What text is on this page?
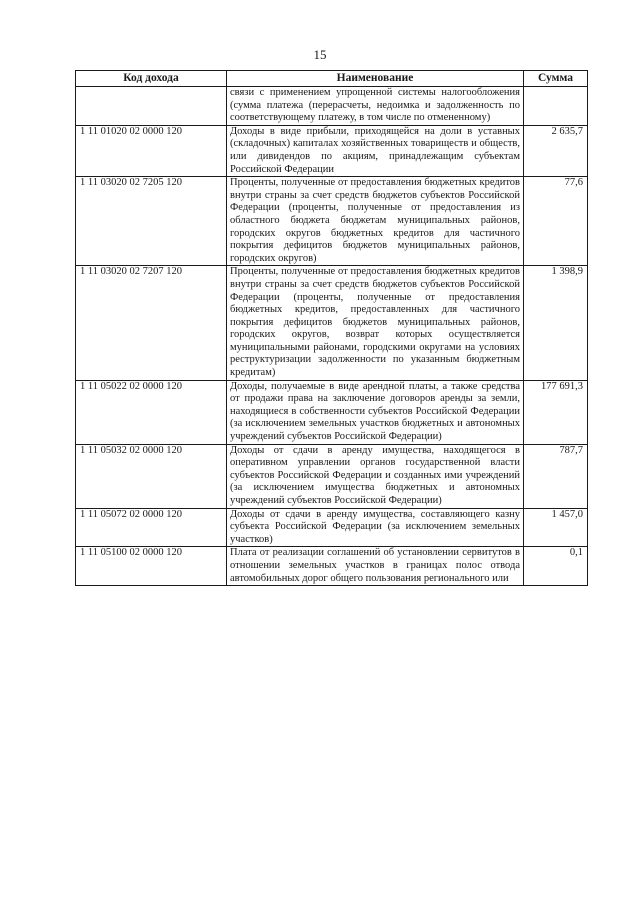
15
Код дохода	Наименование	Сумма
	связи с применением упрощенной системы налогообложения (сумма платежа (перерасчеты, недоимка и задолженность по соответствующему платежу, в том числе по отмененному)	
1 11 01020 02 0000 120	Доходы в виде прибыли, приходящейся на доли в уставных (складочных) капиталах хозяйственных товариществ и обществ, или дивидендов по акциям, принадлежащим субъектам Российской Федерации	2 635,7
1 11 03020 02 7205 120	Проценты, полученные от предоставления бюджетных кредитов внутри страны за счет средств бюджетов субъектов Российской Федерации (проценты, полученные от предоставления из областного бюджета бюджетам муниципальных районов, городских округов бюджетных кредитов для частичного покрытия дефицитов бюджетов муниципальных районов, городских округов)	77,6
1 11 03020 02 7207 120	Проценты, полученные от предоставления бюджетных кредитов внутри страны за счет средств бюджетов субъектов Российской Федерации (проценты, полученные от предоставления бюджетных кредитов, предоставленных для частичного покрытия дефицитов бюджетов муниципальных районов, городских округов, возврат которых осуществляется муниципальными районами, городскими округами на условиях реструктуризации задолженности по указанным бюджетным кредитам)	1 398,9
1 11 05022 02 0000 120	Доходы, получаемые в виде арендной платы, а также средства от продажи права на заключение договоров аренды за земли, находящиеся в собственности субъектов Российской Федерации (за исключением земельных участков бюджетных и автономных учреждений субъектов Российской Федерации)	177 691,3
1 11 05032 02 0000 120	Доходы от сдачи в аренду имущества, находящегося в оперативном управлении органов государственной власти субъектов Российской Федерации и созданных ими учреждений (за исключением имущества бюджетных и автономных учреждений субъектов Российской Федерации)	787,7
1 11 05072 02 0000 120	Доходы от сдачи в аренду имущества, составляющего казну субъекта Российской Федерации (за исключением земельных участков)	1 457,0
1 11 05100 02 0000 120	Плата от реализации соглашений об установлении сервитутов в отношении земельных участков в границах полос отвода автомобильных дорог общего пользования регионального или	0,1
